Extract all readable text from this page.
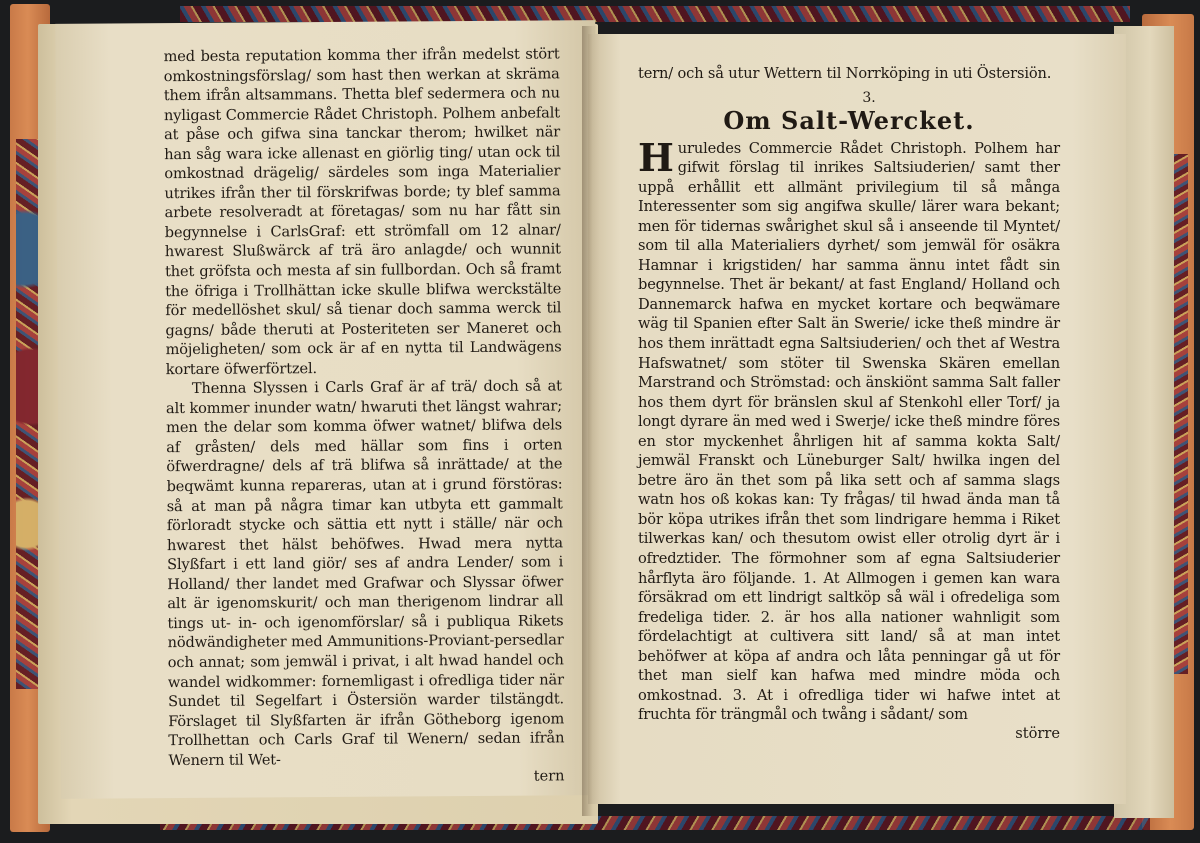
med besta reputation komma ther ifrån medelst stört omkostningsförslag/ som hast then werkan at skräma them ifrån altsammans. Thetta blef sedermera och nu nyligast Commercie Rådet Christoph. Polhem anbefalt at påse och gifwa sina tanckar therom; hwilket när han såg wara icke allenast en giörlig ting/ utan ock til omkostnad drägelig/ särdeles som inga Materialier utrikes ifrån ther til förskrifwas borde; ty blef samma arbete resolveradt at företagas/ som nu har fått sin begynnelse i CarlsGraf: ett strömfall om 12 alnar/ hwarest Slußwärck af trä äro anlagde/ och wunnit thet gröfsta och mesta af sin fullbordan. Och så framt the öfriga i Trollhättan icke skulle blifwa werckstälte för medellöshet skul/ så tienar doch samma werck til gagns/ både theruti at Posteriteten ser Maneret och möjeligheten/ som ock är af en nytta til Landwägens kortare öfwerförtzel.

Thenna Slyssen i Carls Graf är af trä/ doch så at alt kommer inunder watn/ hwaruti thet längst wahrar; men the delar som komma öfwer watnet/ blifwa dels af gråsten/ dels med hällar som fins i orten öfwerdragne/ dels af trä blifwa så inrättade/ at the beqwämt kunna repareras, utan at i grund förstöras: så at man på några timar kan utbyta ett gammalt förloradt stycke och sättia ett nytt i ställe/ när och hwarest thet hälst behöfwes. Hwad mera nytta Slyßfart i ett land giör/ ses af andra Lender/ som i Holland/ ther landet med Grafwar och Slyssar öfwer alt är igenomskurit/ och man therigenom lindrar all tings ut- in- och igenomförslar/ så i publiqua Rikets nödwändigheter med Ammunitions-Proviant-persedlar och annat; som jemwäl i privat, i alt hwad handel och wandel widkommer: fornemligast i ofredliga tider när Sundet til Segelfart i Östersiön warder tilstängdt. Förslaget til Slyßfarten är ifrån Götheborg igenom Trollhettan och Carls Graf til Wenern/ sedan ifrån Wenern til Wet-

tern

tern/ och så utur Wettern til Norrköping in uti Östersiön.

3.
Om Salt-Wercket.
Huruledes Commercie Rådet Christoph. Polhem har gifwit förslag til inrikes Saltsiuderien/ samt ther uppå erhållit ett allmänt privilegium til så många Interessenter som sig angifwa skulle/ lärer wara bekant; men för tidernas swårighet skul så i anseende til Myntet/ som til alla Materialiers dyrhet/ som jemwäl för osäkra Hamnar i krigstiden/ har samma ännu intet fådt sin begynnelse. Thet är bekant/ at fast England/ Holland och Dannemarck hafwa en mycket kortare och beqwämare wäg til Spanien efter Salt än Swerie/ icke theß mindre är hos them inrättadt egna Saltsiuderien/ och thet af Westra Hafswatnet/ som stöter til Swenska Skären emellan Marstrand och Strömstad: och änskiönt samma Salt faller hos them dyrt för bränslen skul af Stenkohl eller Torf/ ja longt dyrare än med wed i Swerje/ icke theß mindre föres en stor myckenhet åhrligen hit af samma kokta Salt/ jemwäl Franskt och Lüneburger Salt/ hwilka ingen del betre äro än thet som på lika sett och af samma slags watn hos oß kokas kan: Ty frågas/ til hwad ända man tå bör köpa utrikes ifrån thet som lindrigare hemma i Riket tilwerkas kan/ och thesutom owist eller otrolig dyrt är i ofredztider. The förmohner som af egna Saltsiuderier hårflyta äro följande. 1. At Allmogen i gemen kan wara försäkrad om ett lindrigt saltköp så wäl i ofredeliga som fredeliga tider. 2. är hos alla nationer wahnligit som fördelachtigt at cultivera sitt land/ så at man intet behöfwer at köpa af andra och låta penningar gå ut för thet man sielf kan hafwa med mindre möda och omkostnad. 3. At i ofredliga tider wi hafwe intet at fruchta för trängmål och twång i sådant/ som
större
